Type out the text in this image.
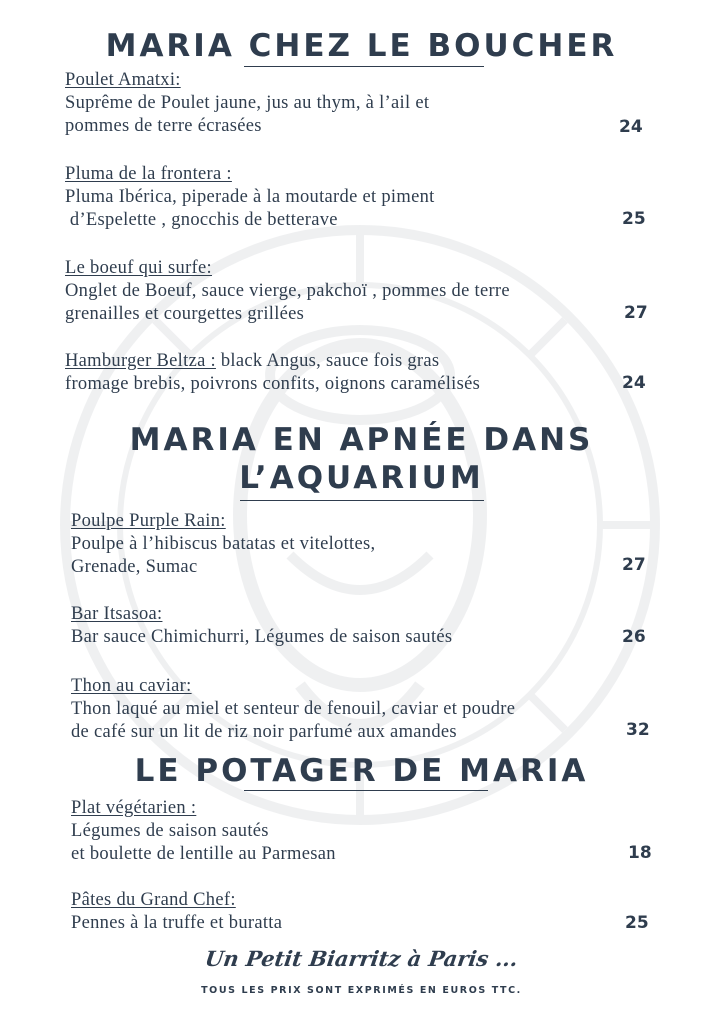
MARIA CHEZ LE BOUCHER
Poulet Amatxi:
Suprême de Poulet jaune, jus au thym, à l’ail et
pommes de terre écrasées	24
Pluma de la frontera :
Pluma Ibérica, piperade à la moutarde et piment
d’Espelette , gnocchis de betterave	25
Le boeuf qui surfe:
Onglet de Boeuf, sauce vierge, pakchoï , pommes de terre
grenailles et courgettes grillées	27
Hamburger Beltza : black Angus, sauce fois gras
fromage brebis, poivrons confits, oignons caramélisés	24
MARIA EN APNÉE DANS
L’AQUARIUM
Poulpe Purple Rain:
Poulpe à l’hibiscus batatas et vitelottes,
Grenade, Sumac	27
Bar Itsasoa:
Bar sauce Chimichurri, Légumes de saison sautés	26
Thon au caviar:
Thon laqué au miel et senteur de fenouil, caviar et poudre
de café sur un lit de riz noir parfumé aux amandes	32
LE POTAGER DE MARIA
Plat végétarien :
Légumes de saison sautés
et boulette de lentille au Parmesan	18
Pâtes du Grand Chef:
Pennes à la truffe et buratta	25
Un Petit Biarritz à Paris ...
TOUS LES PRIX SONT EXPRIMÉS EN EUROS TTC.
